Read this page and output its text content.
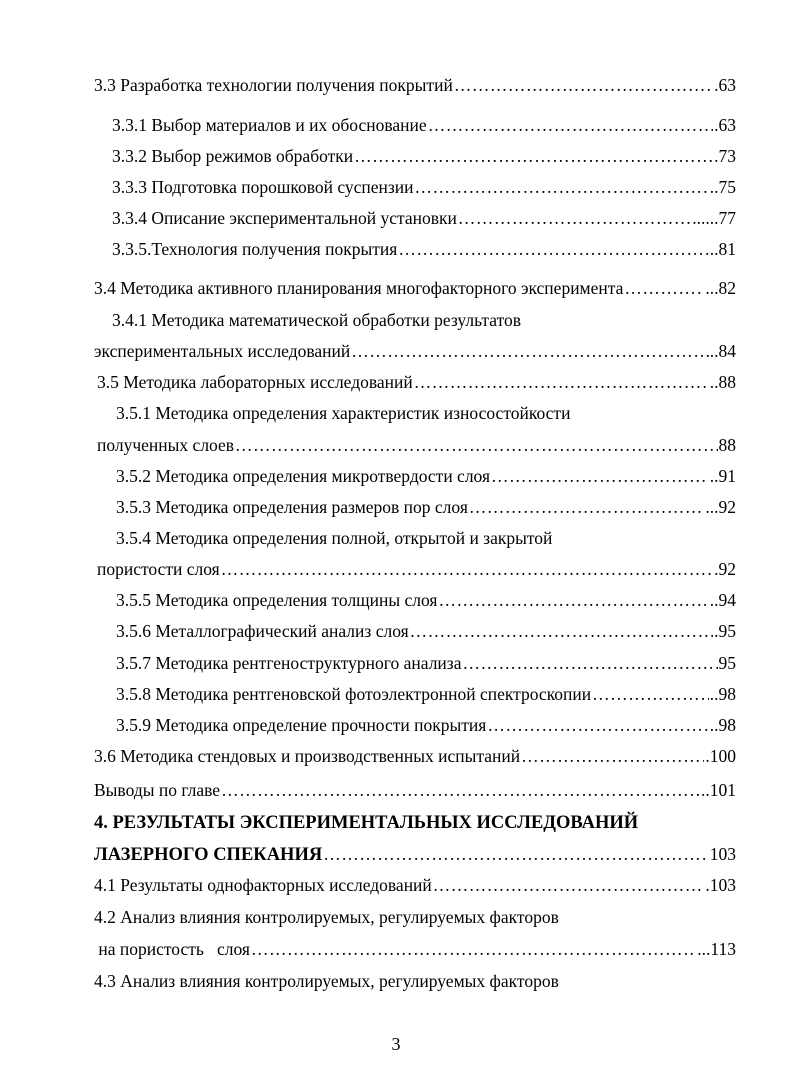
3.3 Разработка технологии получения покрытий …………………………………………………………………………………………………………………………………………………………………………	.63
3.3.1 Выбор материалов и их обоснование …………………………………………………………………………………………………………………………………………………………………………	.63
3.3.2 Выбор режимов обработки …………………………………………………………………………………………………………………………………………………………………………	.73
3.3.3 Подготовка порошковой суспензии …………………………………………………………………………………………………………………………………………………………………………	..75
3.3.4 Описание экспериментальной установки …………………………………………………………………………………………………………………………………………………………………………	......77
3.3.5.Технология получения покрытия …………………………………………………………………………………………………………………………………………………………………………	..81
3.4 Методика активного планирования многофакторного эксперимента …………………………………………………………………………………………………………………………………………………………………………	...82
3.4.1 Методика математической обработки результатов
экспериментальных исследований …………………………………………………………………………………………………………………………………………………………………………	..84
3.5 Методика лабораторных исследований …………………………………………………………………………………………………………………………………………………………………………	..88
3.5.1 Методика определения характеристик износостойкости
полученных слоев …………………………………………………………………………………………………………………………………………………………………………	88
3.5.2 Методика определения микротвердости слоя …………………………………………………………………………………………………………………………………………………………………………	..91
3.5.3 Методика определения размеров пор слоя …………………………………………………………………………………………………………………………………………………………………………	...92
3.5.4 Методика определения полной, открытой и закрытой
пористости слоя …………………………………………………………………………………………………………………………………………………………………………	.92
3.5.5 Методика определения толщины слоя …………………………………………………………………………………………………………………………………………………………………………	..94
3.5.6 Металлографический анализ слоя …………………………………………………………………………………………………………………………………………………………………………	.95
3.5.7 Методика рентгеноструктурного анализа …………………………………………………………………………………………………………………………………………………………………………	95
3.5.8 Методика рентгеновской фотоэлектронной спектроскопии …………………………………………………………………………………………………………………………………………………………………………	..98
3.5.9 Методика определение прочности покрытия …………………………………………………………………………………………………………………………………………………………………………	..98
3.6 Методика стендовых и производственных испытаний …………………………………………………………………………………………………………………………………………………………………………	.100
Выводы по главе …………………………………………………………………………………………………………………………………………………………………………	..101
4. РЕЗУЛЬТАТЫ ЭКСПЕРИМЕНТАЛЬНЫХ ИССЛЕДОВАНИЙ
ЛАЗЕРНОГО СПЕКАНИЯ …………………………………………………………………………………………………………………………………………………………………………	103
4.1 Результаты однофакторных исследований …………………………………………………………………………………………………………………………………………………………………………	.103
4.2 Анализ влияния контролируемых, регулируемых факторов
на пористость   слоя …………………………………………………………………………………………………………………………………………………………………………	...113
4.3 Анализ влияния контролируемых, регулируемых факторов
3
